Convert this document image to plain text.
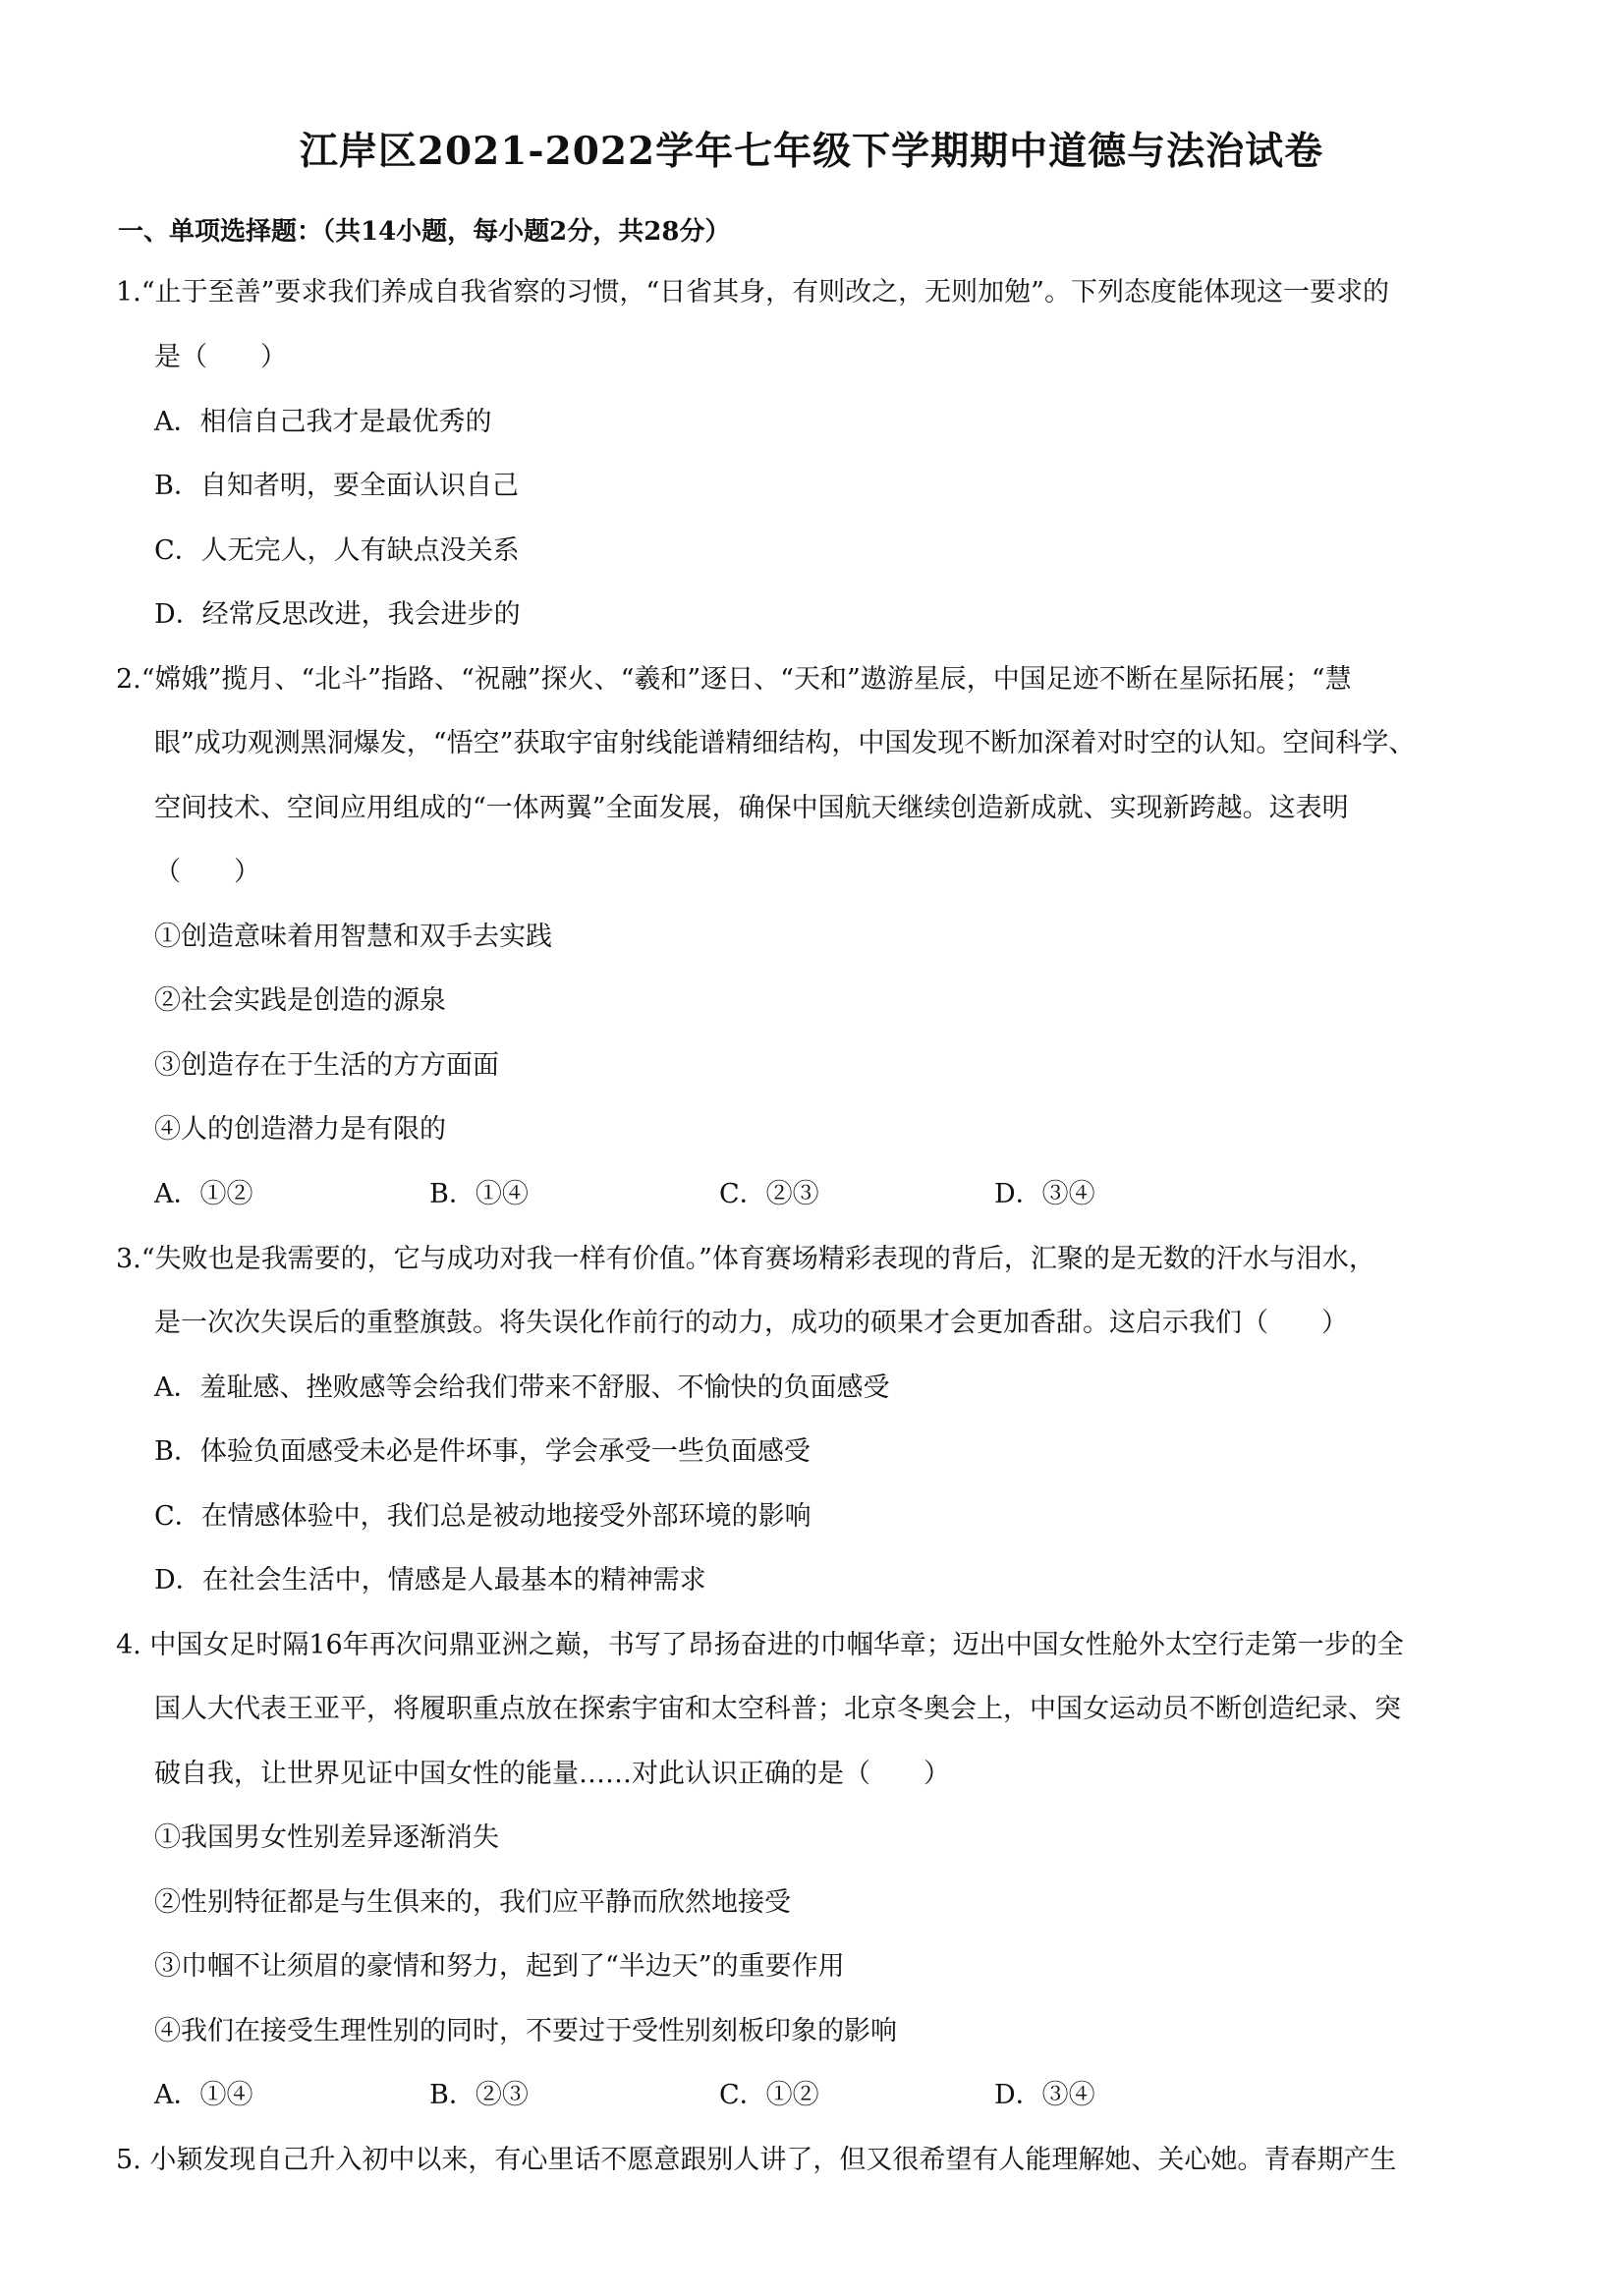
江岸区2021-2022学年七年级下学期期中道德与法治试卷
一、单项选择题：（共14小题，每小题2分，共28分）
1.“止于至善”要求我们养成自我省察的习惯，“日省其身，有则改之，无则加勉”。下列态度能体现这一要求的
是（　　）
A．相信自己我才是最优秀的
B．自知者明，要全面认识自己
C．人无完人，人有缺点没关系
D．经常反思改进，我会进步的
2.“嫦娥”揽月、“北斗”指路、“祝融”探火、“羲和”逐日、“天和”遨游星辰，中国足迹不断在星际拓展；“慧
眼”成功观测黑洞爆发，“悟空”获取宇宙射线能谱精细结构，中国发现不断加深着对时空的认知。空间科学、
空间技术、空间应用组成的“一体两翼”全面发展，确保中国航天继续创造新成就、实现新跨越。这表明
（　　）
①创造意味着用智慧和双手去实践
②社会实践是创造的源泉
③创造存在于生活的方方面面
④人的创造潜力是有限的
A．①②	B．①④	C．②③	D．③④
3.“失败也是我需要的，它与成功对我一样有价值。”体育赛场精彩表现的背后，汇聚的是无数的汗水与泪水，
是一次次失误后的重整旗鼓。将失误化作前行的动力，成功的硕果才会更加香甜。这启示我们（　　）
A．羞耻感、挫败感等会给我们带来不舒服、不愉快的负面感受
B．体验负面感受未必是件坏事，学会承受一些负面感受
C．在情感体验中，我们总是被动地接受外部环境的影响
D．在社会生活中，情感是人最基本的精神需求
4. 中国女足时隔16年再次问鼎亚洲之巅，书写了昂扬奋进的巾帼华章；迈出中国女性舱外太空行走第一步的全
国人大代表王亚平，将履职重点放在探索宇宙和太空科普；北京冬奥会上，中国女运动员不断创造纪录、突
破自我，让世界见证中国女性的能量……对此认识正确的是（　　）
①我国男女性别差异逐渐消失
②性别特征都是与生俱来的，我们应平静而欣然地接受
③巾帼不让须眉的豪情和努力，起到了“半边天”的重要作用
④我们在接受生理性别的同时，不要过于受性别刻板印象的影响
A．①④	B．②③	C．①②	D．③④
5. 小颖发现自己升入初中以来，有心里话不愿意跟别人讲了，但又很希望有人能理解她、关心她。青春期产生
